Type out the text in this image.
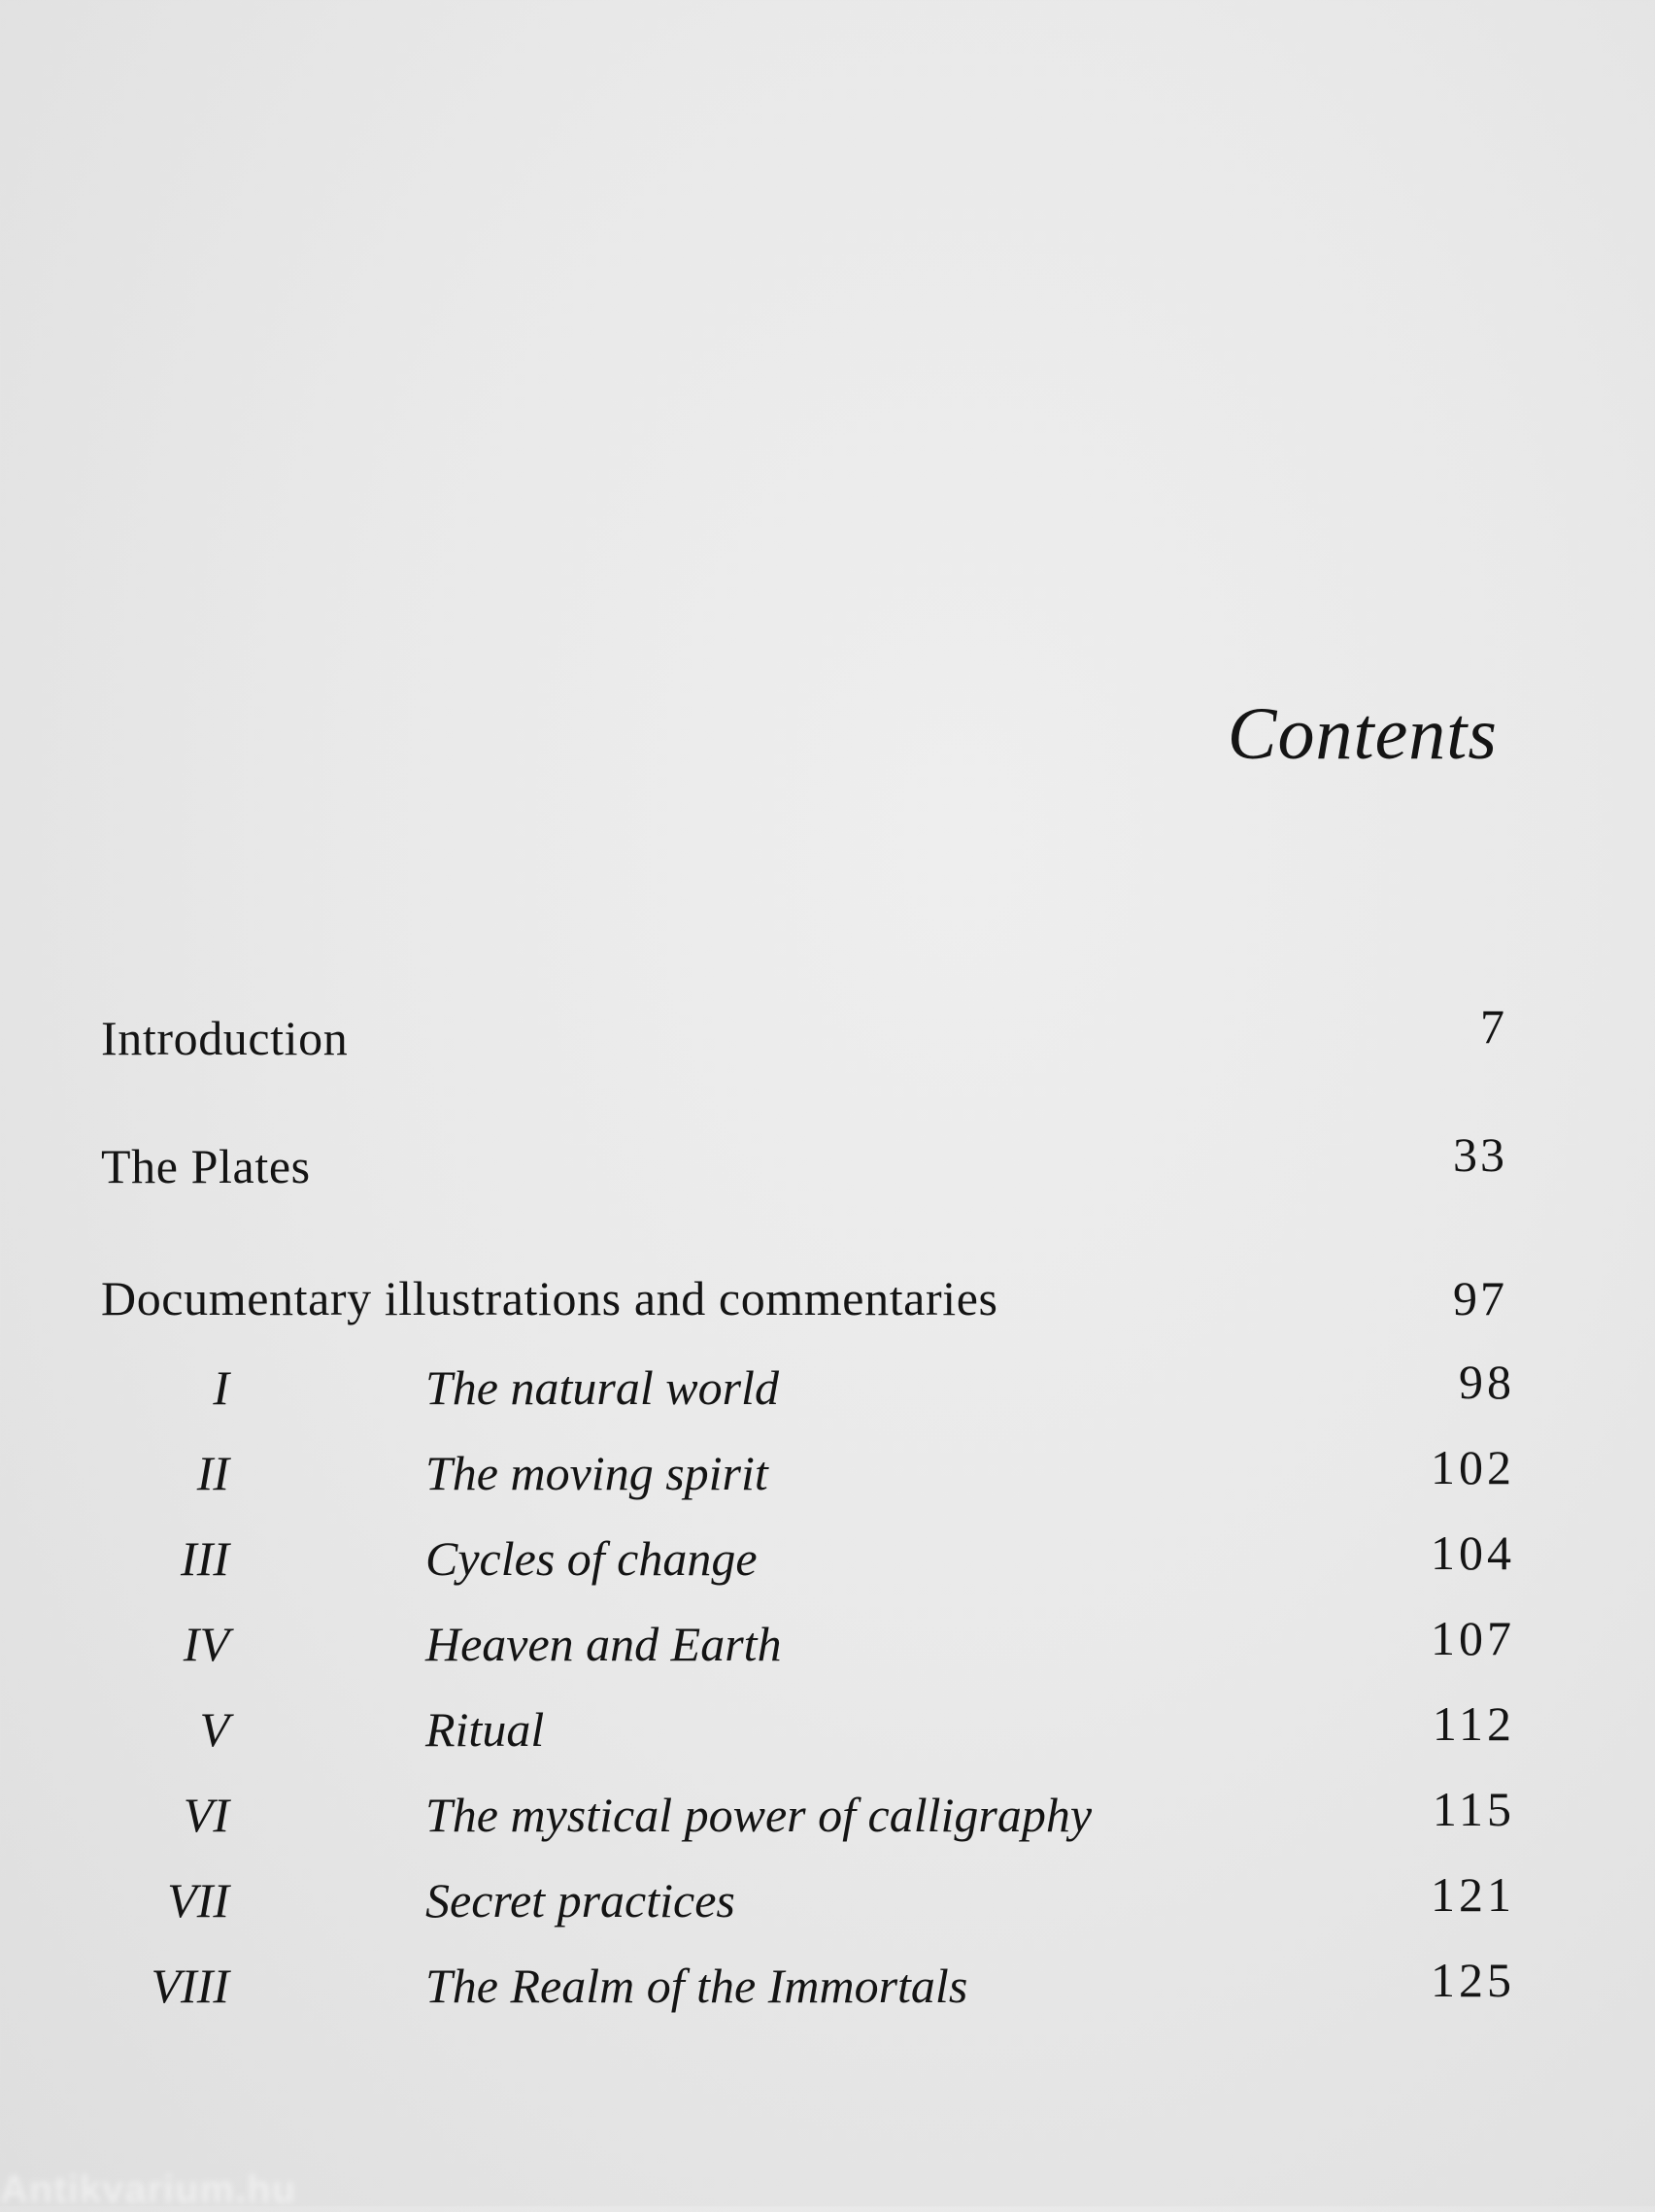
Contents
Introduction	7
The Plates	33
Documentary illustrations and commentaries	97
I	The natural world	98
II	The moving spirit	102
III	Cycles of change	104
IV	Heaven and Earth	107
V	Ritual	112
VI	The mystical power of calligraphy	115
VII	Secret practices	121
VIII	The Realm of the Immortals	125
Antikvarium.hu
